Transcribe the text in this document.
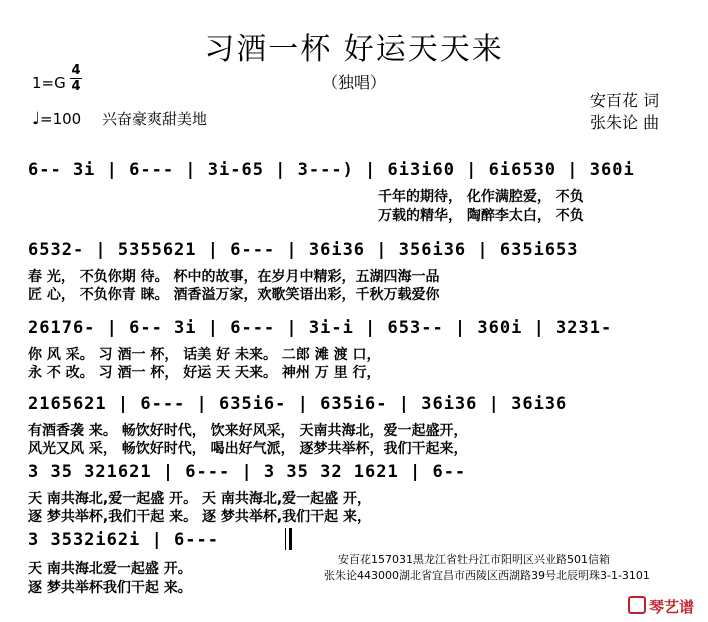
习酒一杯 好运天天来
（独唱）
1=G
4
4
♩=100 兴奋豪爽甜美地
安百花 词
张朱论 曲
6-- 3i | 6--- | 3i-65 | 3---) | 6i3i60 | 6i6530 | 360i
千年的期待， 化作满腔爱， 不负
万载的精华， 陶醉李太白， 不负
6532- | 5355621 | 6--- | 36i36 | 356i36 | 635i653
春 光， 不负你期 待。 杯中的故事，在岁月中精彩，五湖四海一品
匠 心， 不负你青 睐。 酒香溢万家，欢歌笑语出彩，千秋万载爱你
26176- | 6-- 3i | 6--- | 3i-i | 653-- | 360i | 3231-
你 风 采。 习 酒一 杯， 话美 好 未来。 二郎 滩 渡 口，
永 不 改。 习 酒一 杯， 好运 天 天来。 神州 万 里 行，
2165621 | 6--- | 635i6- | 635i6- | 36i36 | 36i36
有酒香袭 来。 畅饮好时代， 饮来好风采， 天南共海北，爱一起盛开，
风光又风 采， 畅饮好时代， 喝出好气派， 逐梦共举杯，我们干起来，
3 35 321621 | 6--- | 3 35 32 1621 | 6--
天 南共海北,爱一起盛 开。 天 南共海北,爱一起盛 开，
逐 梦共举杯,我们干起 来。 逐 梦共举杯,我们干起 来，
3 3532i62i | 6---
天 南共海北爱一起盛 开。
逐 梦共举杯我们干起 来。
安百花157031黑龙江省牡丹江市阳明区兴业路501信箱
张朱论443000湖北省宜昌市西陵区西湖路39号北辰明珠3-1-3101
琴艺谱
